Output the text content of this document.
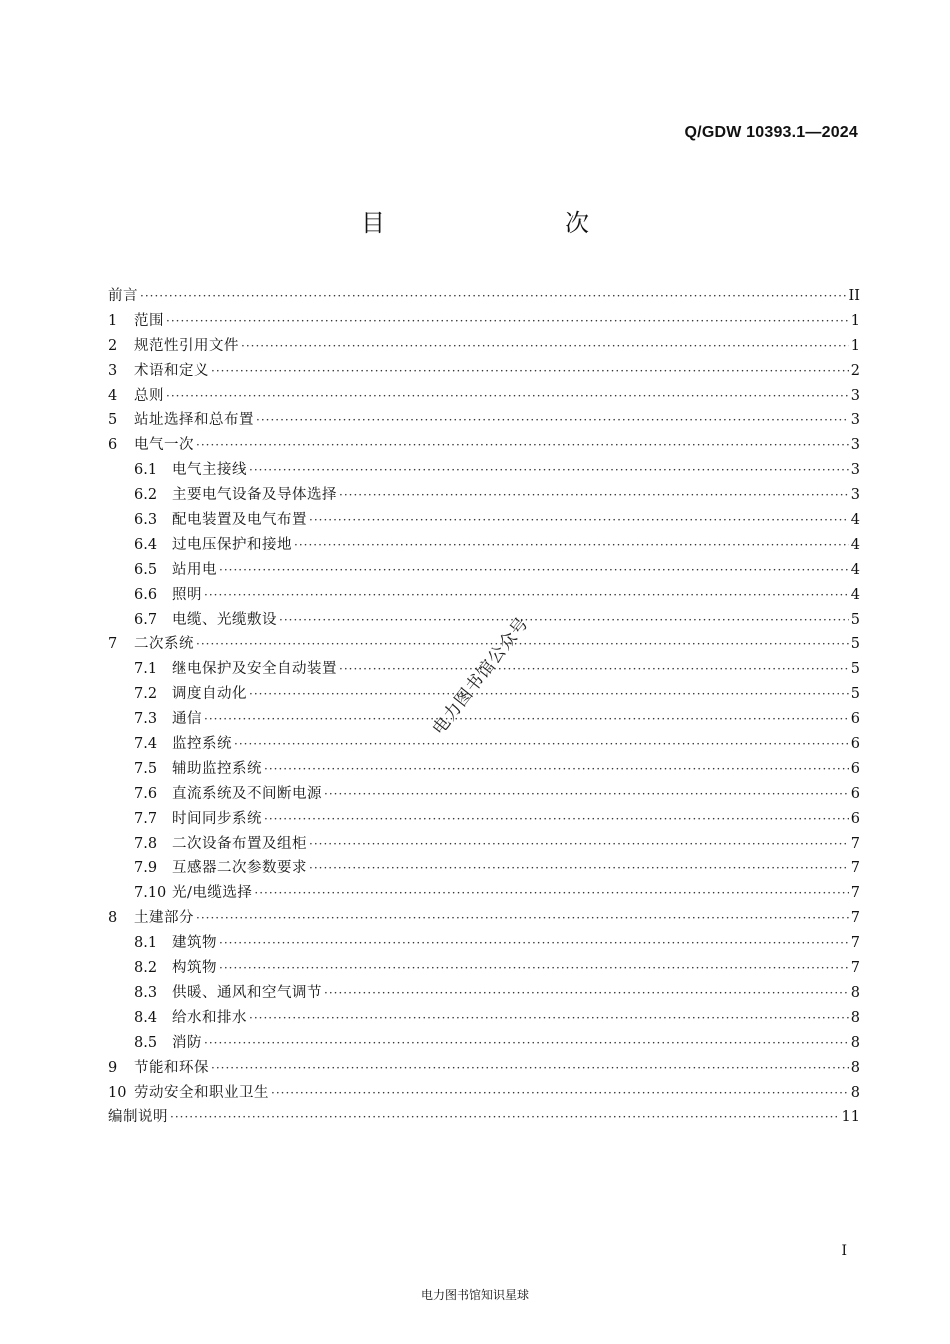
Q/GDW 10393.1—2024
目　　次
前言 ·····	II
1	范围 ·····	1
2	规范性引用文件 ·····	1
3	术语和定义 ·····	2
4	总则 ·····	3
5	站址选择和总布置 ·····	3
6	电气一次 ·····	3
6.1	电气主接线 ·····	3
6.2	主要电气设备及导体选择 ·····	3
6.3	配电装置及电气布置 ·····	4
6.4	过电压保护和接地 ·····	4
6.5	站用电 ·····	4
6.6	照明 ·····	4
6.7	电缆、光缆敷设 ·····	5
7	二次系统 ·····	5
7.1	继电保护及安全自动装置 ·····	5
7.2	调度自动化 ·····	5
7.3	通信 ·····	6
7.4	监控系统 ·····	6
7.5	辅助监控系统 ·····	6
7.6	直流系统及不间断电源 ·····	6
7.7	时间同步系统 ·····	6
7.8	二次设备布置及组柜 ·····	7
7.9	互感器二次参数要求 ·····	7
7.10 光/电缆选择 ·····	7
8	土建部分 ·····	7
8.1	建筑物 ·····	7
8.2	构筑物 ·····	7
8.3	供暖、通风和空气调节 ·····	8
8.4	给水和排水 ·····	8
8.5	消防 ·····	8
9	节能和环保 ·····	8
10 劳动安全和职业卫生 ·····	8
编制说明 ·····	11
电力图书馆公众号
I
电力图书馆知识星球
